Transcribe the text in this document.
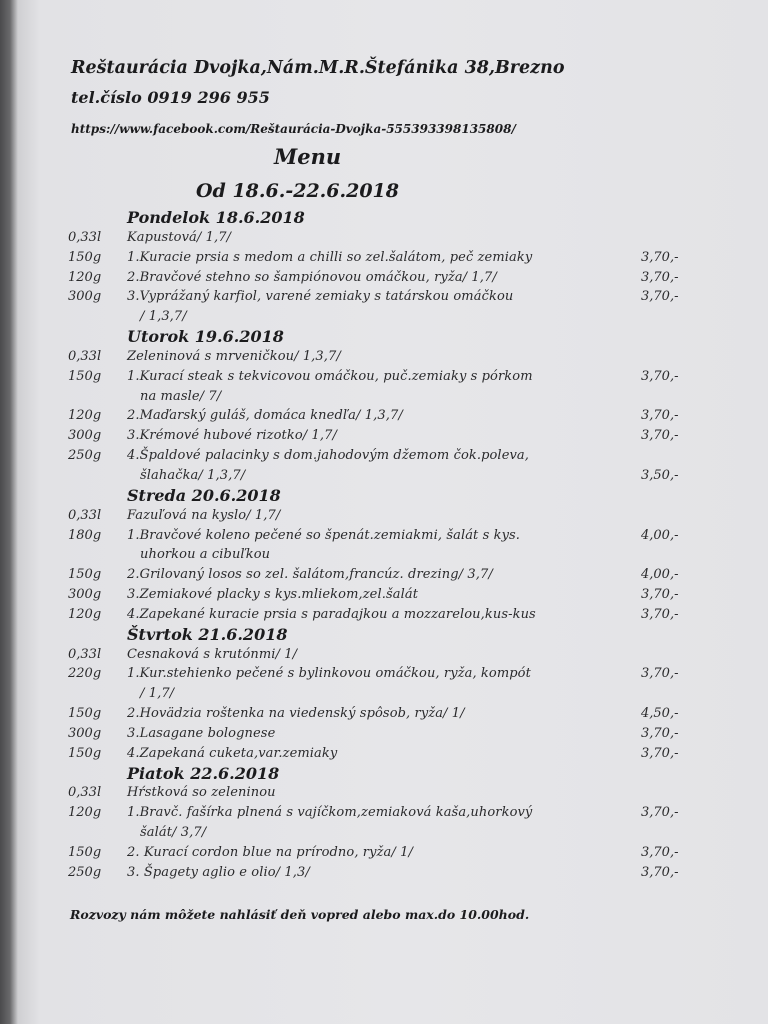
Reštaurácia Dvojka,Nám.M.R.Štefánika 38,Brezno
tel.číslo 0919 296 955
https://www.facebook.com/Reštaurácia-Dvojka-555393398135808/
Menu
Od 18.6.-22.6.2018
Pondelok 18.6.2018
0,33l Kapustová/ 1,7/
150g 1.Kuracie prsia s medom a chilli so zel.šalátom, peč zemiaky	3,70,-
120g 2.Bravčové stehno so šampiónovou omáčkou, ryža/ 1,7/	3,70,-
300g 3.Vyprážaný karfiol, varené zemiaky s tatárskou omáčkou	3,70,-
/ 1,3,7/
Utorok 19.6.2018
0,33l Zeleninová s mrveničkou/ 1,3,7/
150g 1.Kurací steak s tekvicovou omáčkou, puč.zemiaky s pórkom	3,70,-
na masle/ 7/
120g 2.Maďarský guláš, domáca knedľa/ 1,3,7/	3,70,-
300g 3.Krémové hubové rizotko/ 1,7/	3,70,-
250g 4.Špaldové palacinky s dom.jahodovým džemom čok.poleva,
šlahačka/ 1,3,7/	3,50,-
Streda 20.6.2018
0,33l Fazuľová na kyslo/ 1,7/
180g 1.Bravčové koleno pečené so špenát.zemiakmi, šalát s kys.	4,00,-
uhorkou a cibuľkou
150g 2.Grilovaný losos so zel. šalátom,francúz. drezing/ 3,7/	4,00,-
300g 3.Zemiakové placky s kys.mliekom,zel.šalát	3,70,-
120g 4.Zapekané kuracie prsia s paradajkou a mozzarelou,kus-kus	3,70,-
Štvrtok 21.6.2018
0,33l Cesnaková s krutónmi/ 1/
220g 1.Kur.stehienko pečené s bylinkovou omáčkou, ryža, kompót	3,70,-
/ 1,7/
150g 2.Hovädzia roštenka na viedenský spôsob, ryža/ 1/	4,50,-
300g 3.Lasagane bolognese	3,70,-
150g 4.Zapekaná cuketa,var.zemiaky	3,70,-
Piatok 22.6.2018
0,33l Hŕstková so zeleninou
120g 1.Bravč. fašírka plnená s vajíčkom,zemiaková kaša,uhorkový	3,70,-
šalát/ 3,7/
150g 2. Kurací cordon blue na prírodno, ryža/ 1/	3,70,-
250g 3. Špagety aglio e olio/ 1,3/	3,70,-
Rozvozy nám môžete nahlásiť deň vopred alebo max.do 10.00hod.
